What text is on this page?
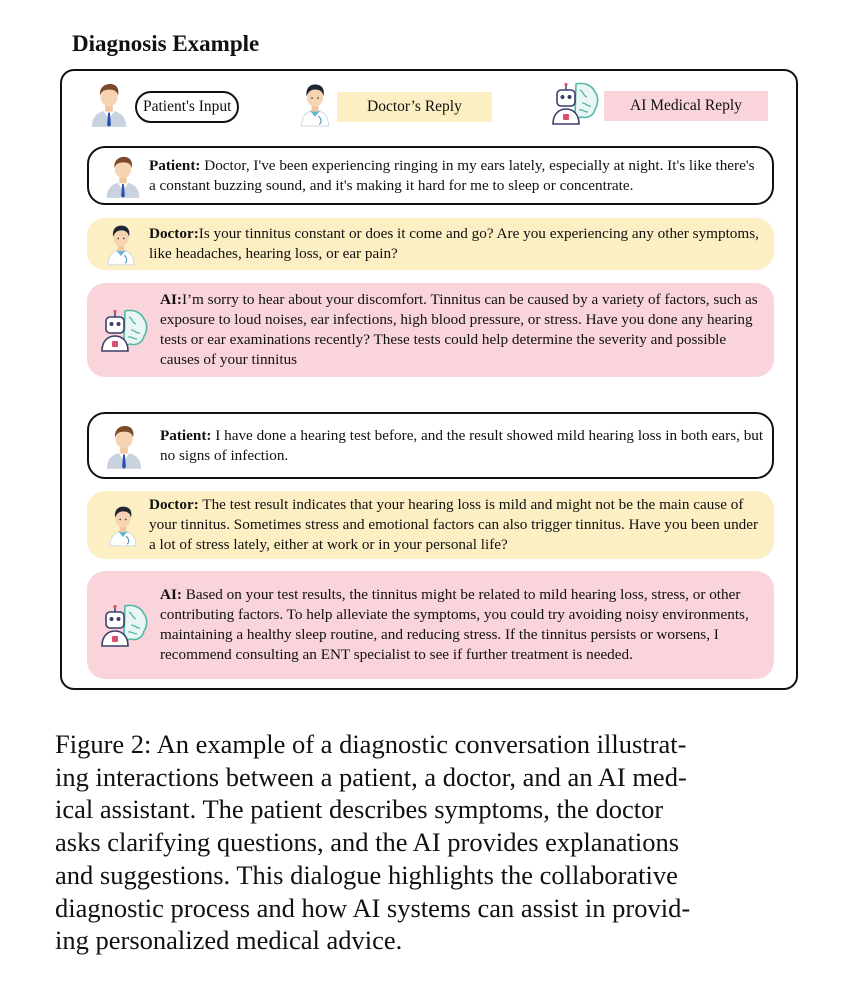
Diagnosis Example
Patient's Input	Doctor’s Reply	AI Medical Reply
Patient: Doctor, I've been experiencing ringing in my ears lately, especially at night. It's like there's a constant buzzing sound, and it's making it hard for me to sleep or concentrate.
Doctor:Is your tinnitus constant or does it come and go? Are you experiencing any other symptoms, like headaches, hearing loss, or ear pain?
AI:I’m sorry to hear about your discomfort. Tinnitus can be caused by a variety of factors, such as exposure to loud noises, ear infections, high blood pressure, or stress. Have you done any hearing tests or ear examinations recently? These tests could help determine the severity and possible causes of your tinnitus
Patient: I have done a hearing test before, and the result showed mild hearing loss in both ears, but no signs of infection.
Doctor: The test result indicates that your hearing loss is mild and might not be the main cause of your tinnitus. Sometimes stress and emotional factors can also trigger tinnitus. Have you been under a lot of stress lately, either at work or in your personal life?
AI: Based on your test results, the tinnitus might be related to mild hearing loss, stress, or other contributing factors. To help alleviate the symptoms, you could try avoiding noisy environments, maintaining a healthy sleep routine, and reducing stress. If the tinnitus persists or worsens, I recommend consulting an ENT specialist to see if further treatment is needed.
Figure 2: An example of a diagnostic conversation illustrat-
ing interactions between a patient, a doctor, and an AI med-
ical assistant. The patient describes symptoms, the doctor
asks clarifying questions, and the AI provides explanations
and suggestions. This dialogue highlights the collaborative
diagnostic process and how AI systems can assist in provid-
ing personalized medical advice.
